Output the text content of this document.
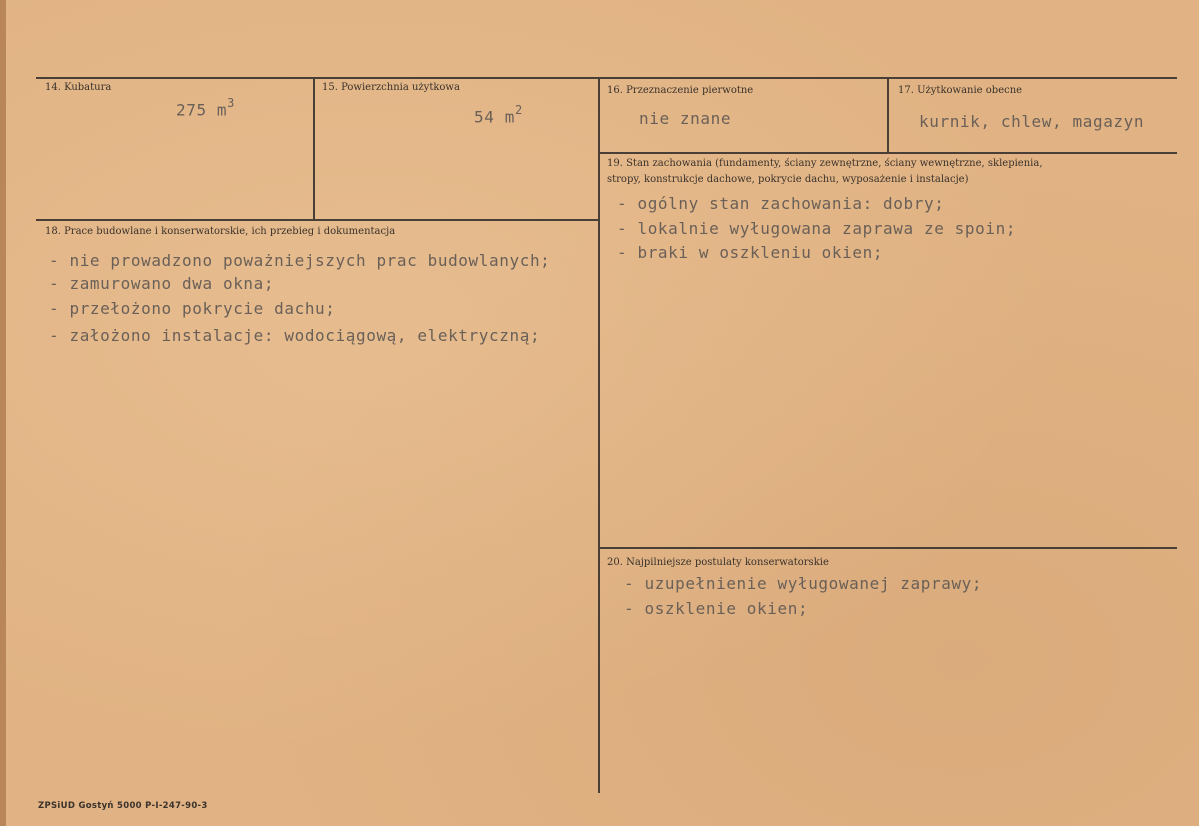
14. Kubatura
275 $m^3$
15. Powierzchnia użytkowa
54 $m^2$
16. Przeznaczenie pierwotne
nie znane
17. Użytkowanie obecne
kurnik, chlew, magazyn
18. Prace budowlane i konserwatorskie, ich przebieg i dokumentacja
- nie prowadzono poważniejszych prac budowlanych;
- zamurowano dwa okna;
- przełożono pokrycie dachu;
- założono instalacje: wodociągową, elektryczną;
19. Stan zachowania (fundamenty, ściany zewnętrzne, ściany wewnętrzne, sklepienia,
stropy, konstrukcje dachowe, pokrycie dachu, wyposażenie i instalacje)
- ogólny stan zachowania: dobry;
- lokalnie wyługowana zaprawa ze spoin;
- braki w oszkleniu okien;
20. Najpilniejsze postulaty konserwatorskie
- uzupełnienie wyługowanej zaprawy;
- oszklenie okien;
ZPSiUD Gostyń 5000 P-I-247-90-3
